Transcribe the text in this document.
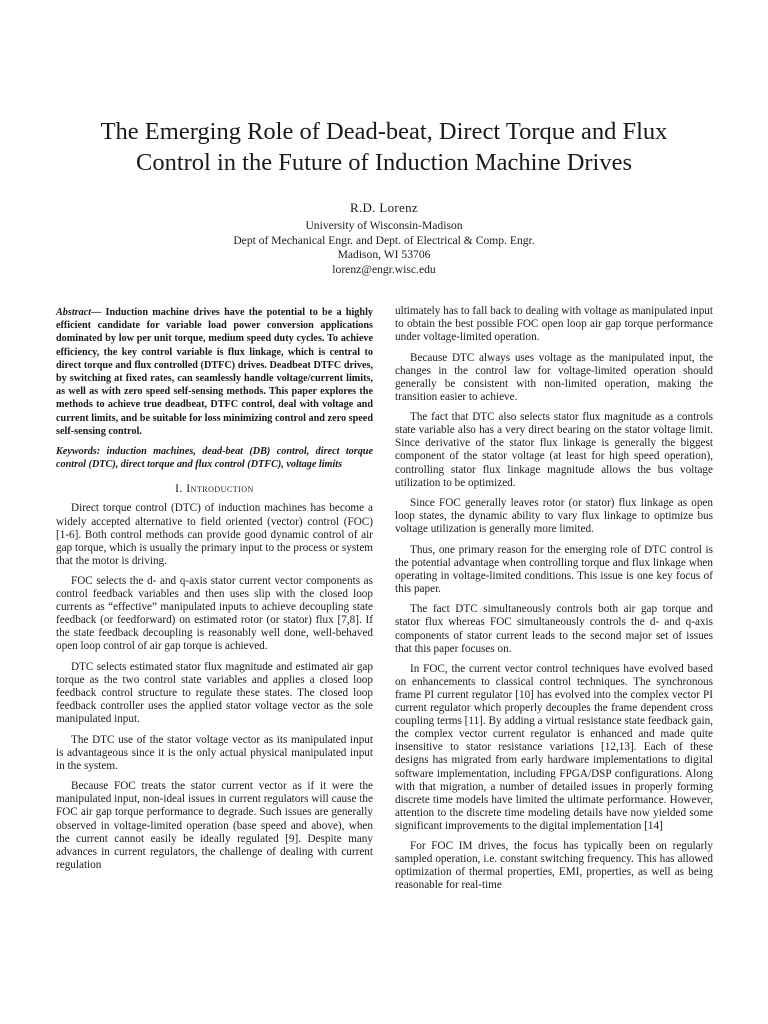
The Emerging Role of Dead-beat, Direct Torque and Flux
Control in the Future of Induction Machine Drives
R.D. Lorenz
University of Wisconsin-Madison
Dept of Mechanical Engr. and Dept. of Electrical & Comp. Engr.
Madison, WI 53706
lorenz@engr.wisc.edu
Abstract— Induction machine drives have the potential to be a highly efficient candidate for variable load power conversion applications dominated by low per unit torque, medium speed duty cycles. To achieve efficiency, the key control variable is flux linkage, which is central to direct torque and flux controlled (DTFC) drives. Deadbeat DTFC drives, by switching at fixed rates, can seamlessly handle voltage/current limits, as well as with zero speed self-sensing methods. This paper explores the methods to achieve true deadbeat, DTFC control, deal with voltage and current limits, and be suitable for loss minimizing control and zero speed self-sensing control.
Keywords: induction machines, dead-beat (DB) control, direct torque control (DTC), direct torque and flux control (DTFC), voltage limits
I. Introduction

Direct torque control (DTC) of induction machines has become a widely accepted alternative to field oriented (vector) control (FOC) [1-6]. Both control methods can provide good dynamic control of air gap torque, which is usually the primary input to the process or system that the motor is driving.

FOC selects the d- and q-axis stator current vector components as control feedback variables and then uses slip with the closed loop currents as “effective” manipulated inputs to achieve decoupling state feedback (or feedforward) on estimated rotor (or stator) flux [7,8]. If the state feedback decoupling is reasonably well done, well-behaved open loop control of air gap torque is achieved.

DTC selects estimated stator flux magnitude and estimated air gap torque as the two control state variables and applies a closed loop feedback control structure to regulate these states. The closed loop feedback controller uses the applied stator voltage vector as the sole manipulated input.

The DTC use of the stator voltage vector as its manipulated input is advantageous since it is the only actual physical manipulated input in the system.

Because FOC treats the stator current vector as if it were the manipulated input, non-ideal issues in current regulators will cause the FOC air gap torque performance to degrade. Such issues are generally observed in voltage-limited operation (base speed and above), when the current cannot easily be ideally regulated [9]. Despite many advances in current regulators, the challenge of dealing with current regulation

ultimately has to fall back to dealing with voltage as manipulated input to obtain the best possible FOC open loop air gap torque performance under voltage-limited operation.

Because DTC always uses voltage as the manipulated input, the changes in the control law for voltage-limited operation should generally be consistent with non-limited operation, making the transition easier to achieve.

The fact that DTC also selects stator flux magnitude as a controls state variable also has a very direct bearing on the stator voltage limit. Since derivative of the stator flux linkage is generally the biggest component of the stator voltage (at least for high speed operation), controlling stator flux linkage magnitude allows the bus voltage utilization to be optimized.

Since FOC generally leaves rotor (or stator) flux linkage as open loop states, the dynamic ability to vary flux linkage to optimize bus voltage utilization is generally more limited.

Thus, one primary reason for the emerging role of DTC control is the potential advantage when controlling torque and flux linkage when operating in voltage-limited conditions. This issue is one key focus of this paper.

The fact DTC simultaneously controls both air gap torque and stator flux whereas FOC simultaneously controls the d- and q-axis components of stator current leads to the second major set of issues that this paper focuses on.

In FOC, the current vector control techniques have evolved based on enhancements to classical control techniques. The synchronous frame PI current regulator [10] has evolved into the complex vector PI current regulator which properly decouples the frame dependent cross coupling terms [11]. By adding a virtual resistance state feedback gain, the complex vector current regulator is enhanced and made quite insensitive to stator resistance variations [12,13]. Each of these designs has migrated from early hardware implementations to digital software implementation, including FPGA/DSP configurations. Along with that migration, a number of detailed issues in properly forming discrete time models have limited the ultimate performance. However, attention to the discrete time modeling details have now yielded some significant improvements to the digital implementation [14]

For FOC IM drives, the focus has typically been on regularly sampled operation, i.e. constant switching frequency. This has allowed optimization of thermal properties, EMI, properties, as well as being reasonable for real-time
